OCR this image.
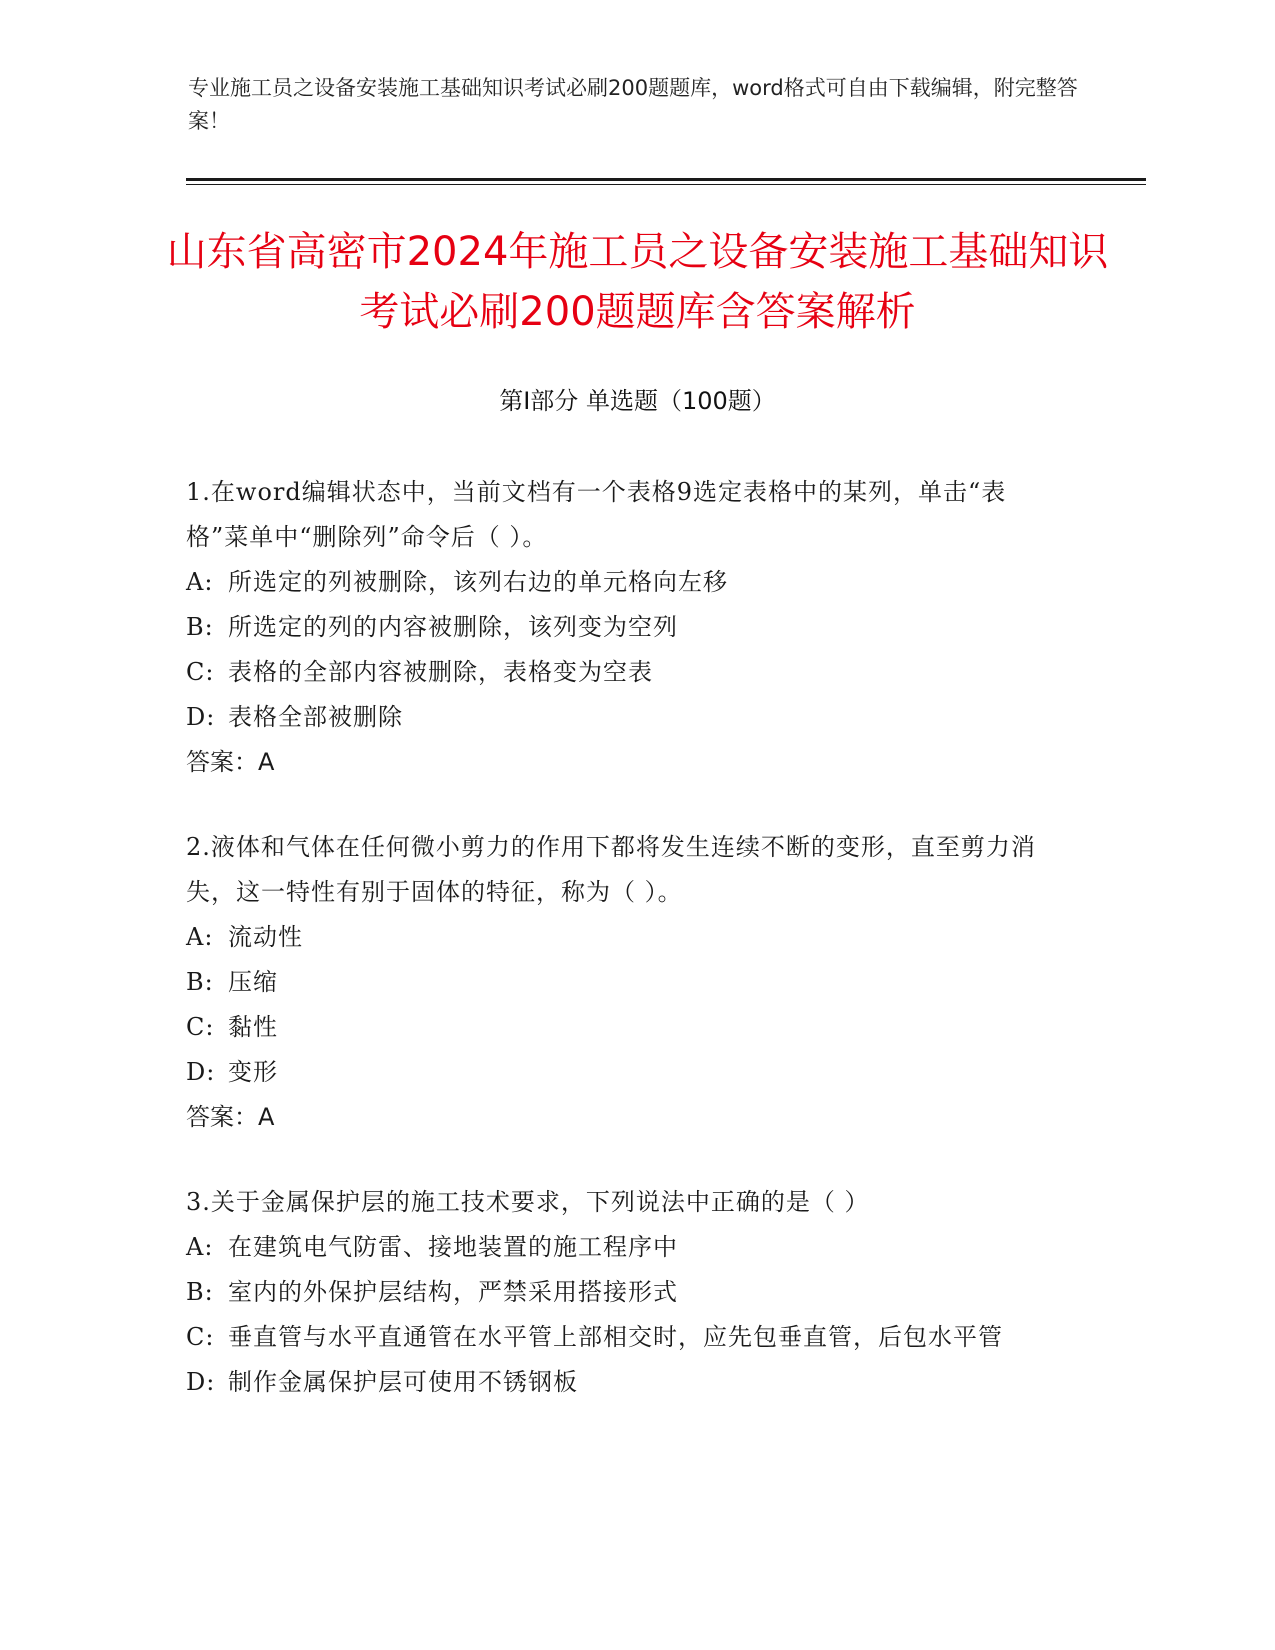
专业施工员之设备安装施工基础知识考试必刷200题题库，word格式可自由下载编辑，附完整答案！
山东省高密市2024年施工员之设备安装施工基础知识考试必刷200题题库含答案解析
第Ⅰ部分 单选题（100题）
1.在word编辑状态中，当前文档有一个表格9选定表格中的某列，单击“表格”菜单中“删除列”命令后（ ）。
A: 所选定的列被删除，该列右边的单元格向左移
B: 所选定的列的内容被删除，该列变为空列
C: 表格的全部内容被删除，表格变为空表
D: 表格全部被删除
答案：A
2.液体和气体在任何微小剪力的作用下都将发生连续不断的变形，直至剪力消失，这一特性有别于固体的特征，称为（ ）。
A: 流动性
B: 压缩
C: 黏性
D: 变形
答案：A
3.关于金属保护层的施工技术要求，下列说法中正确的是（ ）
A: 在建筑电气防雷、接地装置的施工程序中
B: 室内的外保护层结构，严禁采用搭接形式
C: 垂直管与水平直通管在水平管上部相交时，应先包垂直管，后包水平管
D: 制作金属保护层可使用不锈钢板
